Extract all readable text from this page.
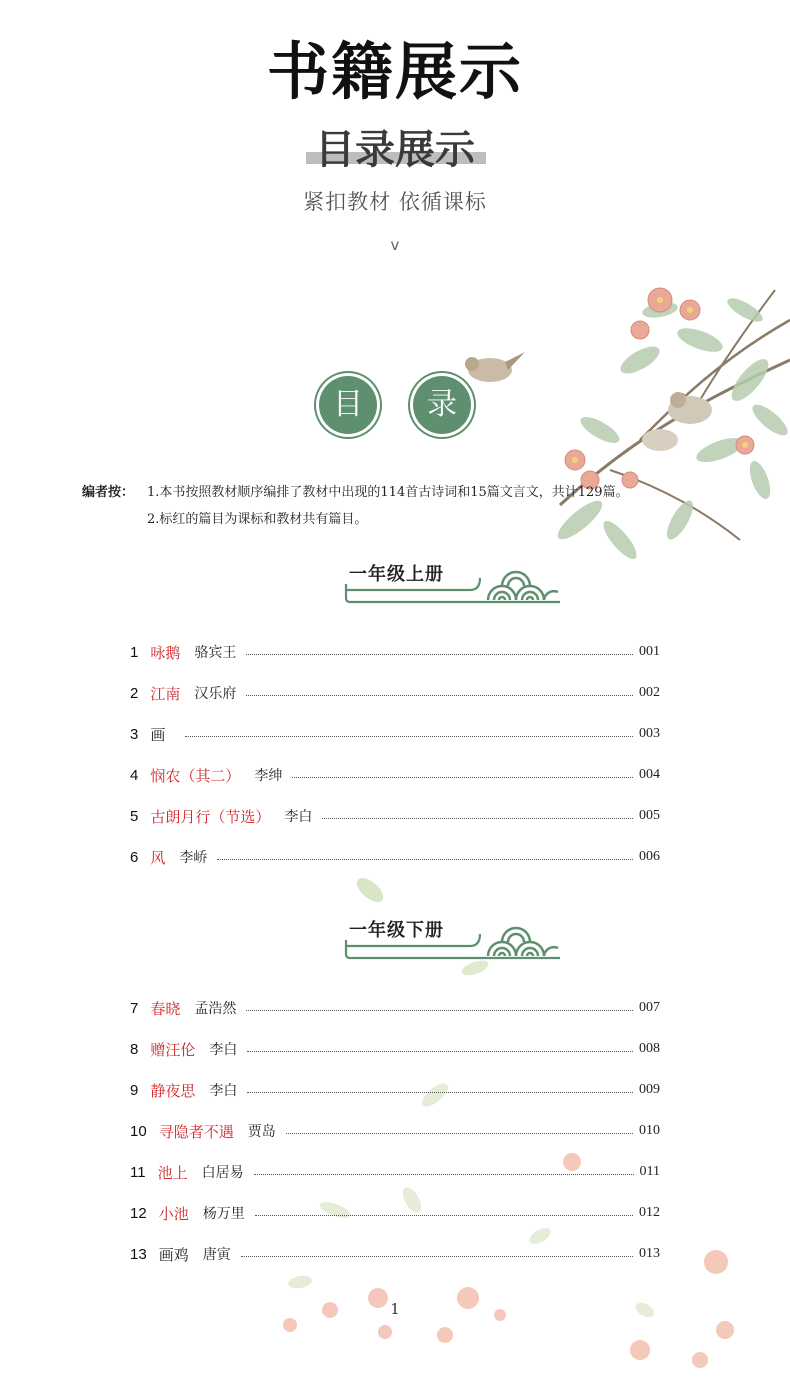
书籍展示
目录展示
紧扣教材 依循课标
v
目	录
编者按： 1.本书按照教材顺序编排了教材中出现的114首古诗词和15篇文言文，共计129篇。
2.标红的篇目为课标和教材共有篇目。
一年级上册
一年级下册
1 咏鹅 骆宾王	001
2 江南 汉乐府	002
3 画	003
4 悯农（其二） 李绅	004
5 古朗月行（节选） 李白	005
6 风 李峤	006
7 春晓 孟浩然	007
8 赠汪伦 李白	008
9 静夜思 李白	009
10 寻隐者不遇 贾岛	010
11 池上 白居易	011
12 小池 杨万里	012
13 画鸡 唐寅	013
1
